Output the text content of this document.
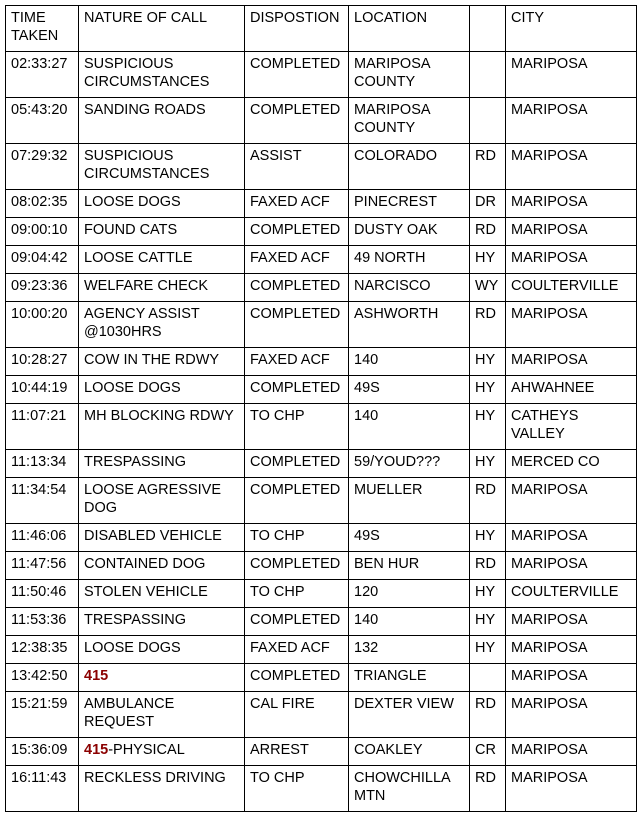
TIME TAKEN	NATURE OF CALL	DISPOSTION	LOCATION		CITY
02:33:27	SUSPICIOUS CIRCUMSTANCES	COMPLETED	MARIPOSA COUNTY		MARIPOSA
05:43:20	SANDING ROADS	COMPLETED	MARIPOSA COUNTY		MARIPOSA
07:29:32	SUSPICIOUS CIRCUMSTANCES	ASSIST	COLORADO	RD	MARIPOSA
08:02:35	LOOSE DOGS	FAXED ACF	PINECREST	DR	MARIPOSA
09:00:10	FOUND CATS	COMPLETED	DUSTY OAK	RD	MARIPOSA
09:04:42	LOOSE CATTLE	FAXED ACF	49 NORTH	HY	MARIPOSA
09:23:36	WELFARE CHECK	COMPLETED	NARCISCO	WY	COULTERVILLE
10:00:20	AGENCY ASSIST @1030HRS	COMPLETED	ASHWORTH	RD	MARIPOSA
10:28:27	COW IN THE RDWY	FAXED ACF	140	HY	MARIPOSA
10:44:19	LOOSE DOGS	COMPLETED	49S	HY	AHWAHNEE
11:07:21	MH BLOCKING RDWY	TO CHP	140	HY	CATHEYS VALLEY
11:13:34	TRESPASSING	COMPLETED	59/YOUD???	HY	MERCED CO
11:34:54	LOOSE AGRESSIVE DOG	COMPLETED	MUELLER	RD	MARIPOSA
11:46:06	DISABLED VEHICLE	TO CHP	49S	HY	MARIPOSA
11:47:56	CONTAINED DOG	COMPLETED	BEN HUR	RD	MARIPOSA
11:50:46	STOLEN VEHICLE	TO CHP	120	HY	COULTERVILLE
11:53:36	TRESPASSING	COMPLETED	140	HY	MARIPOSA
12:38:35	LOOSE DOGS	FAXED ACF	132	HY	MARIPOSA
13:42:50	415	COMPLETED	TRIANGLE		MARIPOSA
15:21:59	AMBULANCE REQUEST	CAL FIRE	DEXTER VIEW	RD	MARIPOSA
15:36:09	415-PHYSICAL	ARREST	COAKLEY	CR	MARIPOSA
16:11:43	RECKLESS DRIVING	TO CHP	CHOWCHILLA MTN	RD	MARIPOSA
